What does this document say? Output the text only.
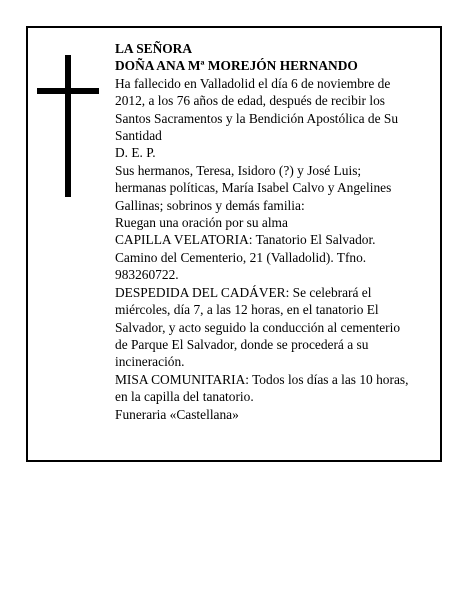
LA SEÑORA
DOÑA ANA Mª MOREJÓN HERNANDO
Ha fallecido en Valladolid el día 6 de noviembre de
2012, a los 76 años de edad, después de recibir los
Santos Sacramentos y la Bendición Apostólica de Su
Santidad
D. E. P.
Sus hermanos, Teresa, Isidoro (?) y José Luis;
hermanas políticas, María Isabel Calvo y Angelines
Gallinas; sobrinos y demás familia:
Ruegan una oración por su alma
CAPILLA VELATORIA: Tanatorio El Salvador.
Camino del Cementerio, 21 (Valladolid). Tfno.
983260722.
DESPEDIDA DEL CADÁVER: Se celebrará el
miércoles, día 7, a las 12 horas, en el tanatorio El
Salvador, y acto seguido la conducción al cementerio
de Parque El Salvador, donde se procederá a su
incineración.
MISA COMUNITARIA: Todos los días a las 10 horas,
en la capilla del tanatorio.
Funeraria «Castellana»
